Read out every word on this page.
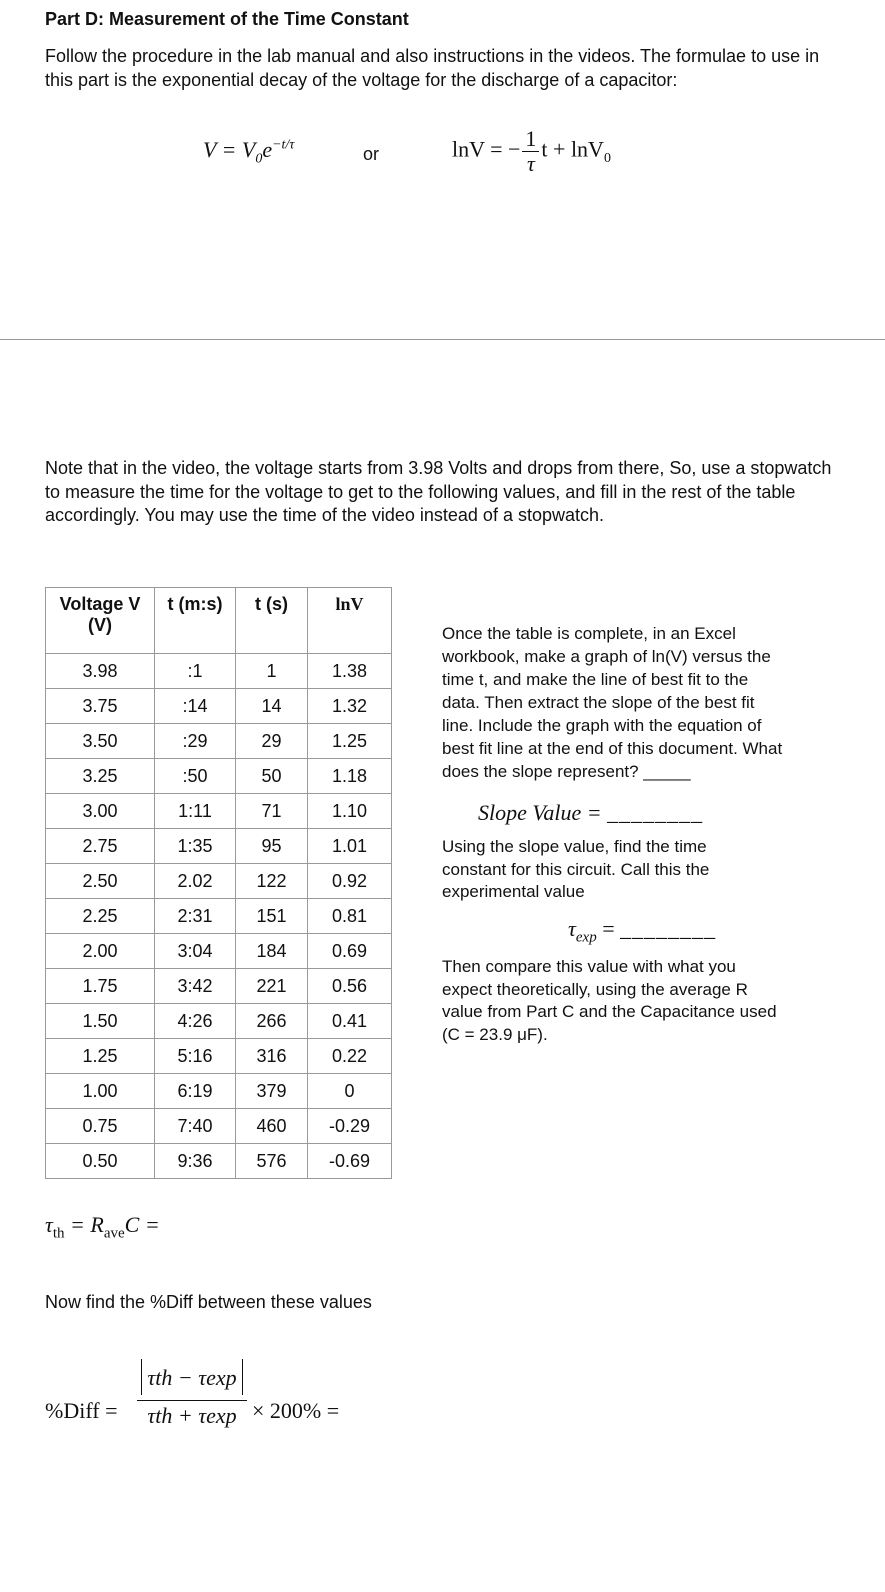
Part D: Measurement of the Time Constant
Follow the procedure in the lab manual and also instructions in the videos. The formulae to use in this part is the exponential decay of the voltage for the discharge of a capacitor:
$V = V_0e^{-t/\tau}$	or	lnV = − $\frac{1}{\tau}$ t + lnV$_0$
Note that in the video, the voltage starts from 3.98 Volts and drops from there, So, use a stopwatch to measure the time for the voltage to get to the following values, and fill in the rest of the table accordingly. You may use the time of the video instead of a stopwatch.
Voltage V (V)	t (m:s)	t (s)	lnV
3.98	:1	1	1.38
3.75	:14	14	1.32
3.50	:29	29	1.25
3.25	:50	50	1.18
3.00	1:11	71	1.10
2.75	1:35	95	1.01
2.50	2.02	122	0.92
2.25	2:31	151	0.81
2.00	3:04	184	0.69
1.75	3:42	221	0.56
1.50	4:26	266	0.41
1.25	5:16	316	0.22
1.00	6:19	379	0
0.75	7:40	460	-0.29
0.50	9:36	576	-0.69
Once the table is complete, in an Excel workbook, make a graph of ln(V) versus the time t, and make the line of best fit to the data. Then extract the slope of the best fit line. Include the graph with the equation of best fit line at the end of this document. What does the slope represent? _____
Slope Value = ________
Using the slope value, find the time constant for this circuit. Call this the experimental value
$\tau_{exp}$ = ________
Then compare this value with what you expect theoretically, using the average R value from Part C and the Capacitance used (C = 23.9 μF).
$\tau_{th} = R_{ave}C$ =
Now find the %Diff between these values
%Diff =
τth − τexp
τth + τexp × 200% =
